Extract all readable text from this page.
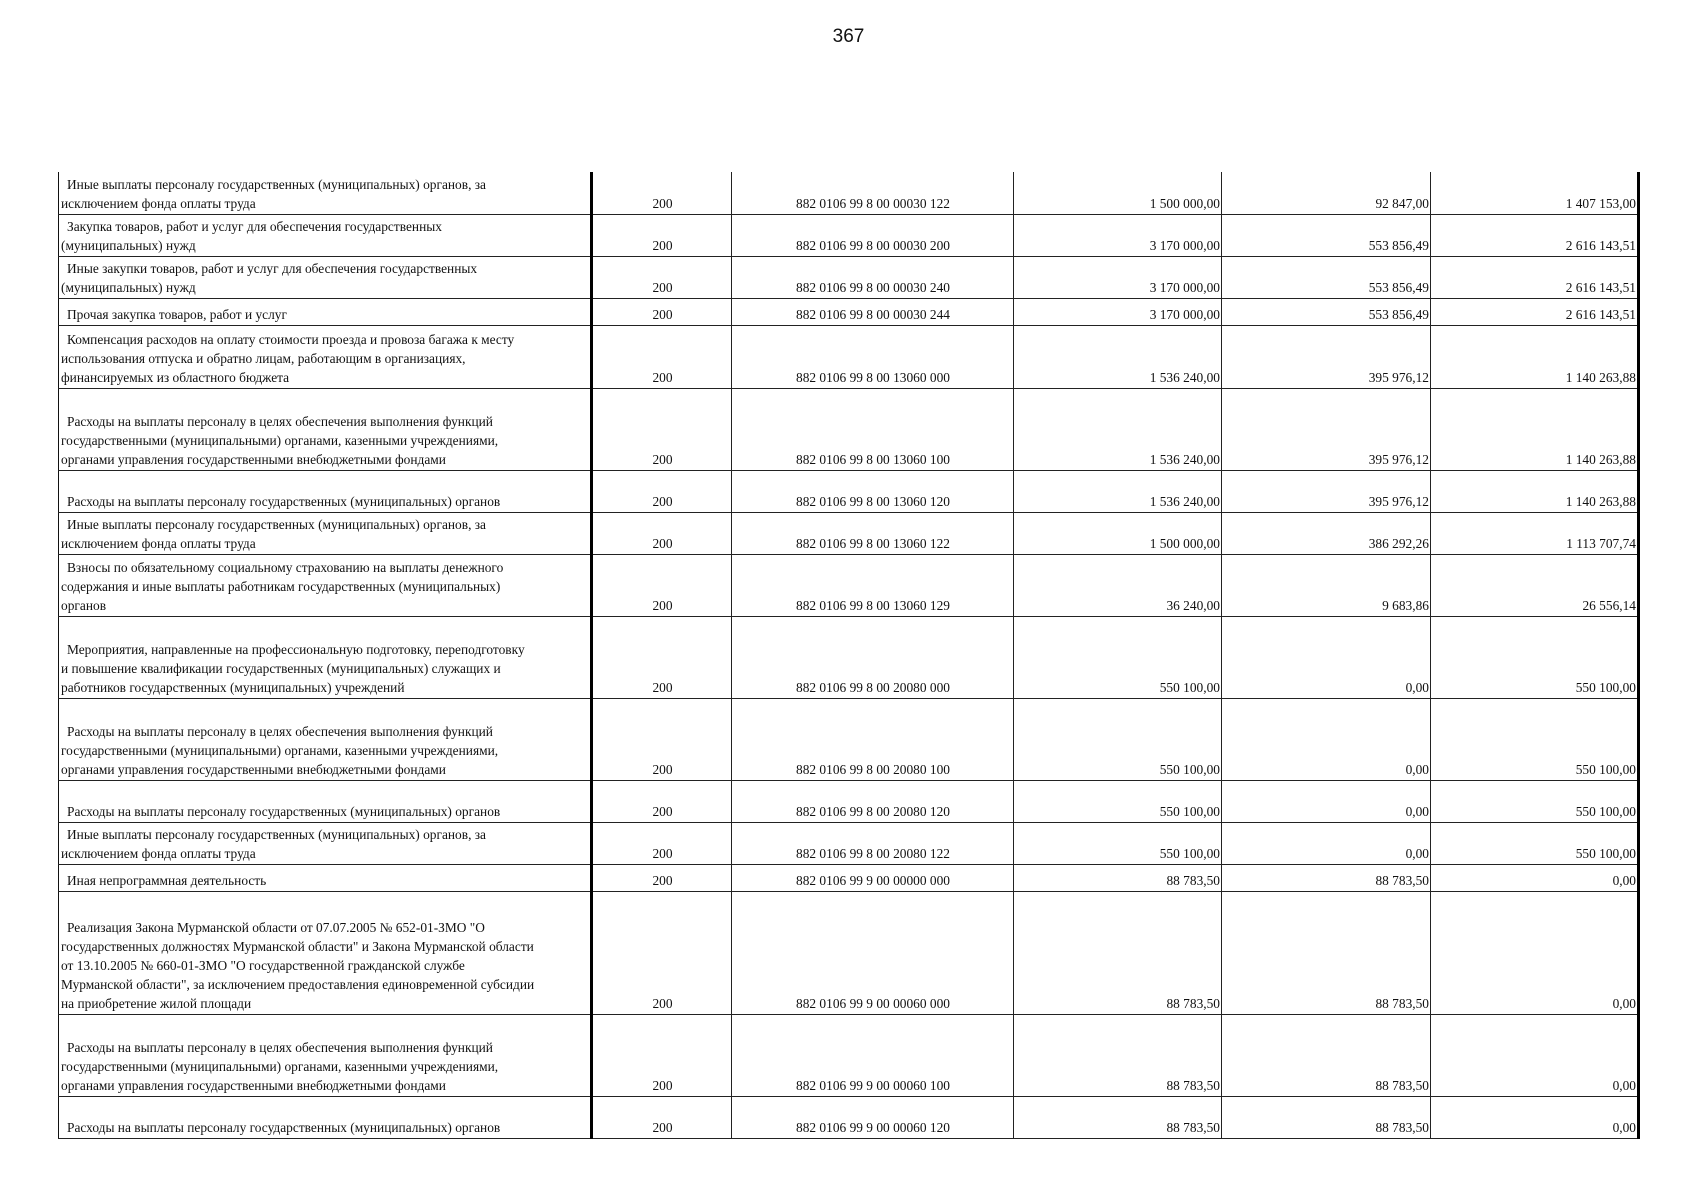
367
Иные выплаты персоналу государственных (муниципальных) органов, за
исключением фонда оплаты труда	200	882 0106 99 8 00 00030 122	1 500 000,00	92 847,00	1 407 153,00

Закупка товаров, работ и услуг для обеспечения государственных
(муниципальных) нужд	200	882 0106 99 8 00 00030 200	3 170 000,00	553 856,49	2 616 143,51

Иные закупки товаров, работ и услуг для обеспечения государственных
(муниципальных) нужд	200	882 0106 99 8 00 00030 240	3 170 000,00	553 856,49	2 616 143,51

Прочая закупка товаров, работ и услуг	200	882 0106 99 8 00 00030 244	3 170 000,00	553 856,49	2 616 143,51

Компенсация расходов на оплату стоимости проезда и провоза багажа к месту
использования отпуска и обратно лицам, работающим в организациях,
финансируемых из областного бюджета	200	882 0106 99 8 00 13060 000	1 536 240,00	395 976,12	1 140 263,88

Расходы на выплаты персоналу в целях обеспечения выполнения функций
государственными (муниципальными) органами, казенными учреждениями,
органами управления государственными внебюджетными фондами	200	882 0106 99 8 00 13060 100	1 536 240,00	395 976,12	1 140 263,88

Расходы на выплаты персоналу государственных (муниципальных) органов	200	882 0106 99 8 00 13060 120	1 536 240,00	395 976,12	1 140 263,88

Иные выплаты персоналу государственных (муниципальных) органов, за
исключением фонда оплаты труда	200	882 0106 99 8 00 13060 122	1 500 000,00	386 292,26	1 113 707,74

Взносы по обязательному социальному страхованию на выплаты денежного
содержания и иные выплаты работникам государственных (муниципальных)
органов	200	882 0106 99 8 00 13060 129	36 240,00	9 683,86	26 556,14

Мероприятия, направленные на профессиональную подготовку, переподготовку
и повышение квалификации государственных (муниципальных) служащих и
работников государственных (муниципальных) учреждений	200	882 0106 99 8 00 20080 000	550 100,00	0,00	550 100,00

Расходы на выплаты персоналу в целях обеспечения выполнения функций
государственными (муниципальными) органами, казенными учреждениями,
органами управления государственными внебюджетными фондами	200	882 0106 99 8 00 20080 100	550 100,00	0,00	550 100,00

Расходы на выплаты персоналу государственных (муниципальных) органов	200	882 0106 99 8 00 20080 120	550 100,00	0,00	550 100,00

Иные выплаты персоналу государственных (муниципальных) органов, за
исключением фонда оплаты труда	200	882 0106 99 8 00 20080 122	550 100,00	0,00	550 100,00

Иная непрограммная деятельность	200	882 0106 99 9 00 00000 000	88 783,50	88 783,50	0,00

Реализация Закона Мурманской области от 07.07.2005 № 652-01-ЗМО "О
государственных должностях Мурманской области" и Закона Мурманской области
от 13.10.2005 № 660-01-ЗМО "О государственной гражданской службе
Мурманской области", за исключением предоставления единовременной субсидии
на приобретение жилой площади	200	882 0106 99 9 00 00060 000	88 783,50	88 783,50	0,00

Расходы на выплаты персоналу в целях обеспечения выполнения функций
государственными (муниципальными) органами, казенными учреждениями,
органами управления государственными внебюджетными фондами	200	882 0106 99 9 00 00060 100	88 783,50	88 783,50	0,00

Расходы на выплаты персоналу государственных (муниципальных) органов	200	882 0106 99 9 00 00060 120	88 783,50	88 783,50	0,00
